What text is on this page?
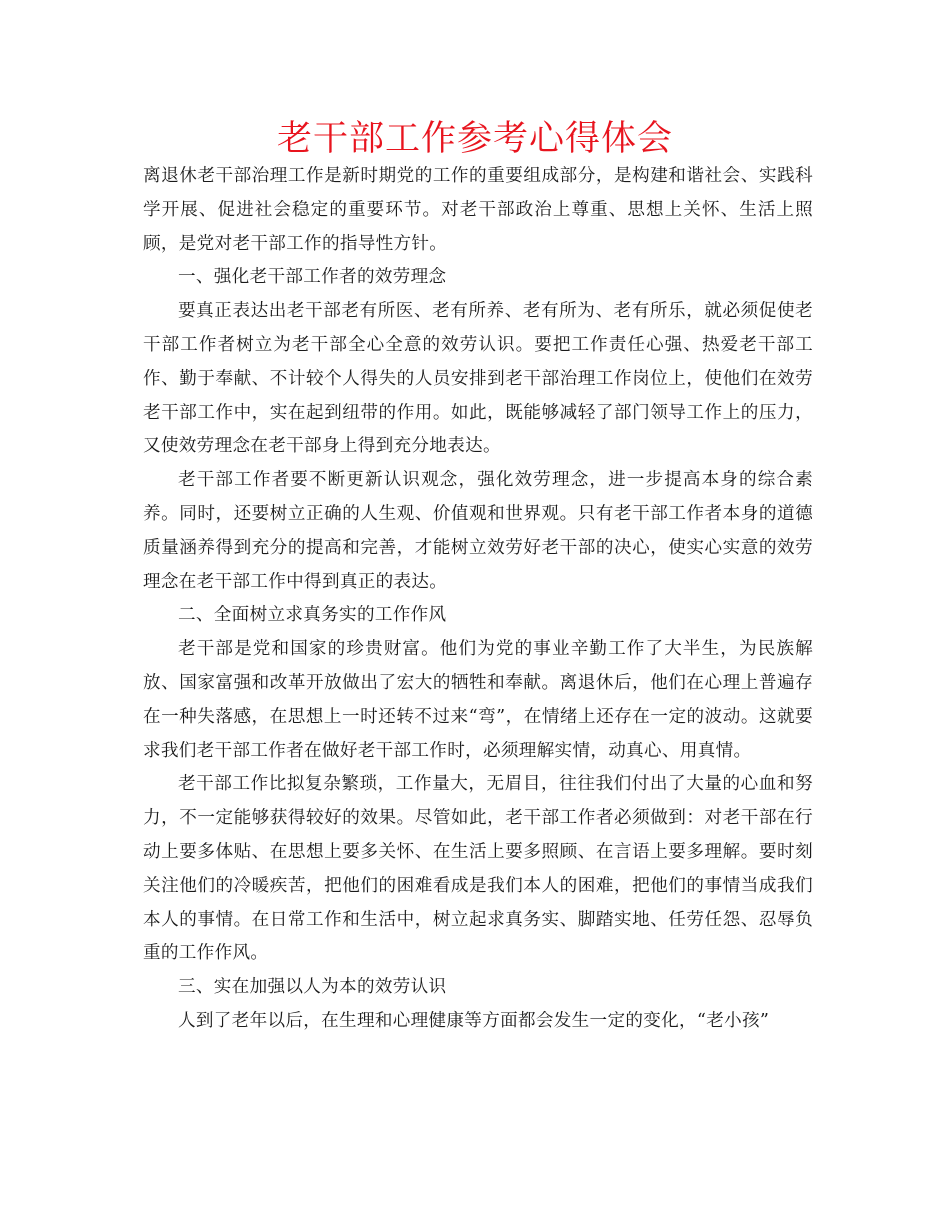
老干部工作参考心得体会

离退休老干部治理工作是新时期党的工作的重要组成部分，是构建和谐社会、实践科学开展、促进社会稳定的重要环节。对老干部政治上尊重、思想上关怀、生活上照顾，是党对老干部工作的指导性方针。

一、强化老干部工作者的效劳理念

要真正表达出老干部老有所医、老有所养、老有所为、老有所乐，就必须促使老干部工作者树立为老干部全心全意的效劳认识。要把工作责任心强、热爱老干部工作、勤于奉献、不计较个人得失的人员安排到老干部治理工作岗位上，使他们在效劳老干部工作中，实在起到纽带的作用。如此，既能够减轻了部门领导工作上的压力，又使效劳理念在老干部身上得到充分地表达。

老干部工作者要不断更新认识观念，强化效劳理念，进一步提高本身的综合素养。同时，还要树立正确的人生观、价值观和世界观。只有老干部工作者本身的道德质量涵养得到充分的提高和完善，才能树立效劳好老干部的决心，使实心实意的效劳理念在老干部工作中得到真正的表达。

二、全面树立求真务实的工作作风

老干部是党和国家的珍贵财富。他们为党的事业辛勤工作了大半生，为民族解放、国家富强和改革开放做出了宏大的牺牲和奉献。离退休后，他们在心理上普遍存在一种失落感，在思想上一时还转不过来“弯”，在情绪上还存在一定的波动。这就要求我们老干部工作者在做好老干部工作时，必须理解实情，动真心、用真情。

老干部工作比拟复杂繁琐，工作量大，无眉目，往往我们付出了大量的心血和努力，不一定能够获得较好的效果。尽管如此，老干部工作者必须做到：对老干部在行动上要多体贴、在思想上要多关怀、在生活上要多照顾、在言语上要多理解。要时刻关注他们的冷暖疾苦，把他们的困难看成是我们本人的困难，把他们的事情当成我们本人的事情。在日常工作和生活中，树立起求真务实、脚踏实地、任劳任怨、忍辱负重的工作作风。

三、实在加强以人为本的效劳认识

人到了老年以后，在生理和心理健康等方面都会发生一定的变化，“老小孩”
